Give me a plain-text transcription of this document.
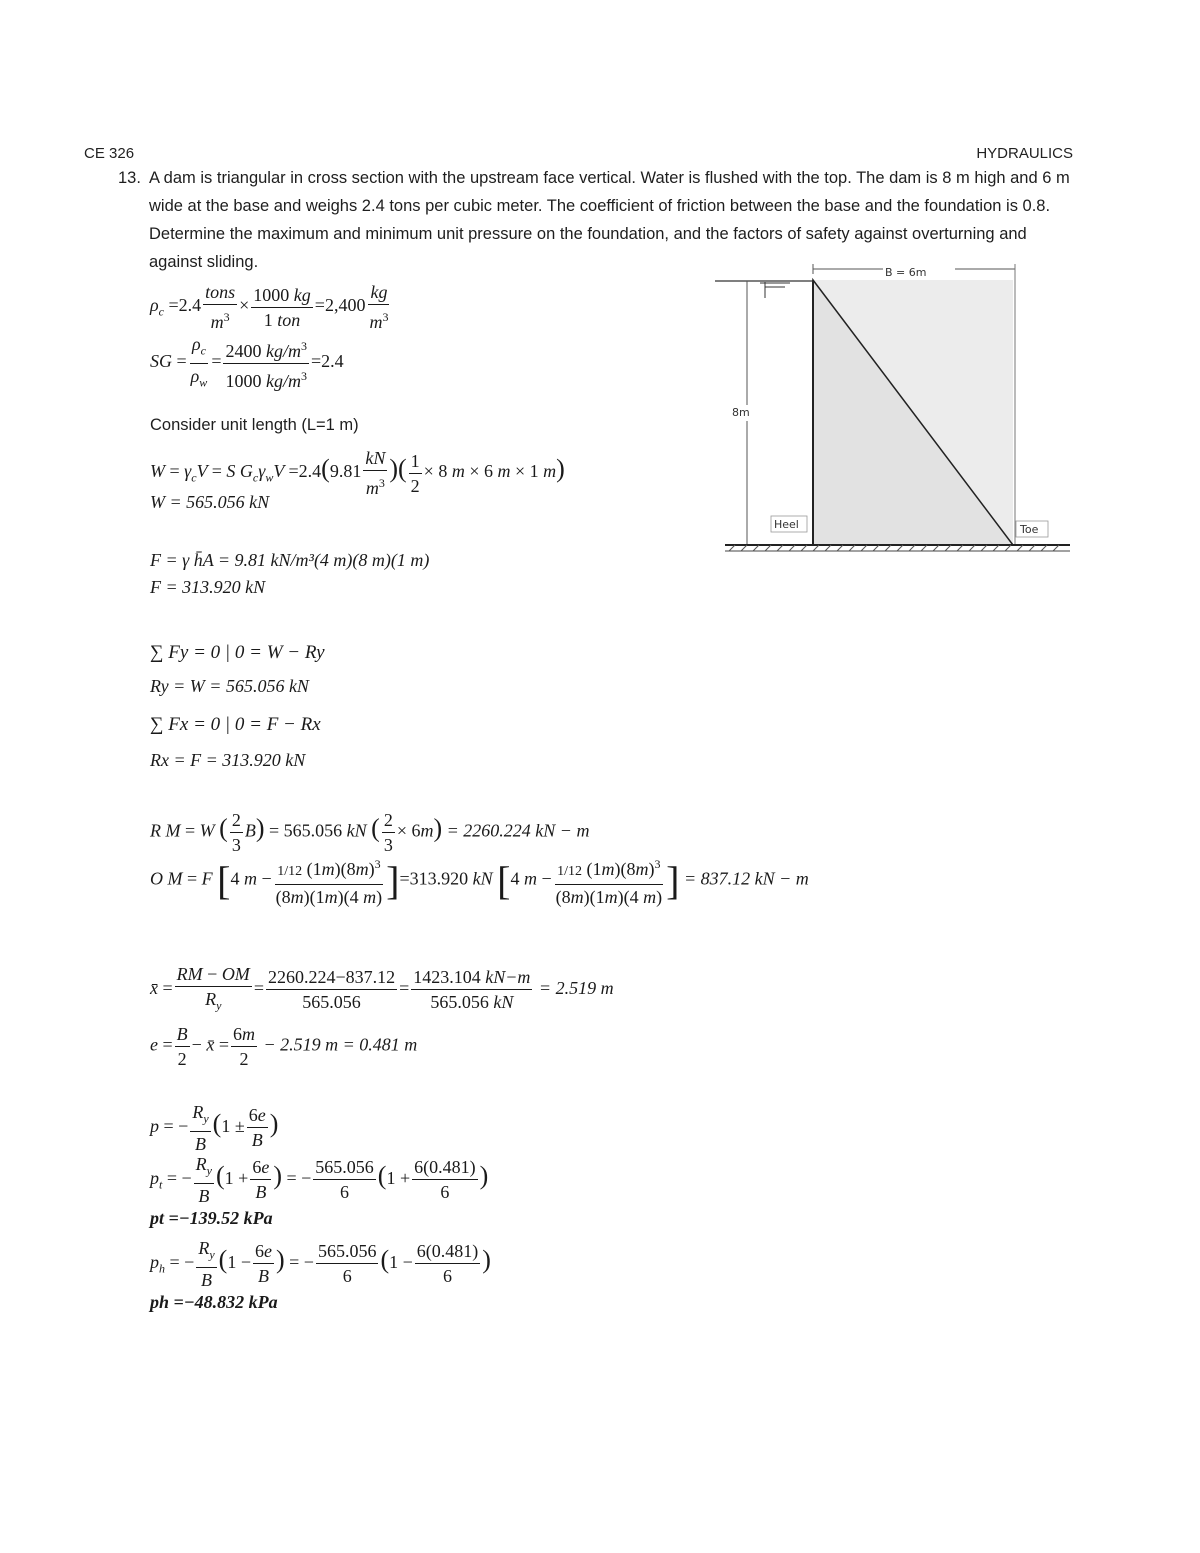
CE 326	HYDRAULICS
13. A dam is triangular in cross section with the upstream face vertical. Water is flushed with the top. The dam is 8 m high and 6 m wide at the base and weighs 2.4 tons per cubic meter. The coefficient of friction between the base and the foundation is 0.8. Determine the maximum and minimum unit pressure on the foundation, and the factors of safety against overturning and against sliding.
B = 6m
8m
Heel	Toe
$\rho_c =2.4 \frac{\text{tons}}{m^3} \times \frac{1000 kg}{\text{1 ton}} =2,400 \frac{kg}{m^3}$
SG = $\frac{\rho_c}{\rho_w} = \frac{2400 kg/m^3}{1000 kg/m^3} =2.4$
Consider unit length (L=1 m)
$W = \gamma_cV = S$ $G_c\gamma_wV =2.4(9.81 \frac{kN}{m^3}$ )( $\frac{1}{2} \times 8$ m × 6 m × 1 m)
W = 565.056 kN
F = γ h̄A = 9.81 kN/m³(4 m)(8 m)(1 m)
F = 313.920 kN
∑ Fy = 0 | 0 = W − Ry
Ry = W = 565.056 kN
∑ Fx = 0 | 0 = F − Rx
Rx = F = 313.920 kN
R M = W ( $\frac{2}{3} B) = 565.056$ kN ( $\frac{2}{3} \times 6m) = 2260.224$ kN − m
O M = F [4 $m - \frac{1/12 (1m)(8m)^3}{(8m)(1m)(4 m)} ]=313.920$ kN [4 $m - \frac{1/12 (1m)(8m)^3}{(8m)(1m)(4 m)}$ ] = 837.12 kN − m
x̄ = $\frac{RM - OM}{R_y} = \frac{2260.224-837.12}{565.056} = \frac{1423.104 kN-m}{565.056 kN} = 2.519$ m
$e = \frac{B}{2}$ − x̄ = $\frac{6m}{2} - 2.519$ m = 0.481 m
p = − $\frac{R_y}{B} (1 \pm \frac{6e}{B}$ )
$p_t$ = − $\frac{R_y}{B} (1 + \frac{6e}{B}$ ) = − $\frac{565.056}{6} (1 + \frac{6(0.481)}{6}$ )
pt =−139.52 kPa
$p_h$ = − $\frac{R_y}{B} (1 - \frac{6e}{B}$ ) = − $\frac{565.056}{6} (1 - \frac{6(0.481)}{6}$ )
ph =−48.832 kPa
